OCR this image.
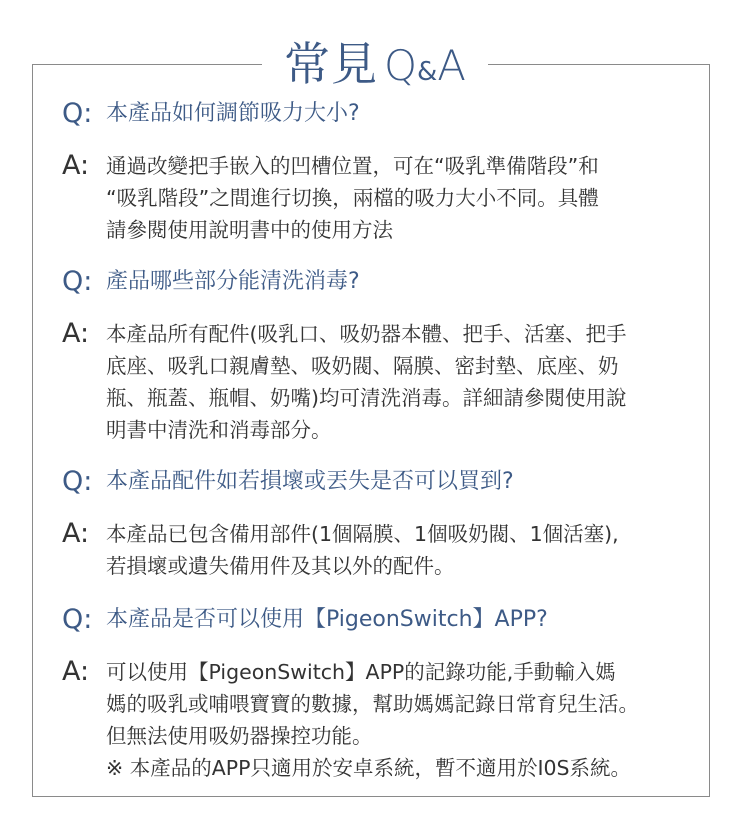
常見 Q&A
Q: 本產品如何調節吸力大小?
A: 通過改變把手嵌入的凹槽位置，可在“吸乳準備階段”和
“吸乳階段”之間進行切換，兩檔的吸力大小不同。具體
請參閱使用說明書中的使用方法
Q: 產品哪些部分能清洗消毒?
A: 本產品所有配件(吸乳口、吸奶器本體、把手、活塞、把手
底座、吸乳口親膚墊、吸奶閥、隔膜、密封墊、底座、奶
瓶、瓶蓋、瓶帽、奶嘴)均可清洗消毒。詳細請參閱使用說
明書中清洗和消毒部分。
Q: 本產品配件如若損壞或丟失是否可以買到?
A: 本產品已包含備用部件(1個隔膜、1個吸奶閥、1個活塞),
若損壞或遺失備用件及其以外的配件。
Q: 本產品是否可以使用【PigeonSwitch】APP?
A: 可以使用【PigeonSwitch】APP的記錄功能,手動輸入媽
媽的吸乳或哺喂寶寶的數據，幫助媽媽記錄日常育兒生活。
但無法使用吸奶器操控功能。
※ 本產品的APP只適用於安卓系統，暫不適用於I0S系統。
